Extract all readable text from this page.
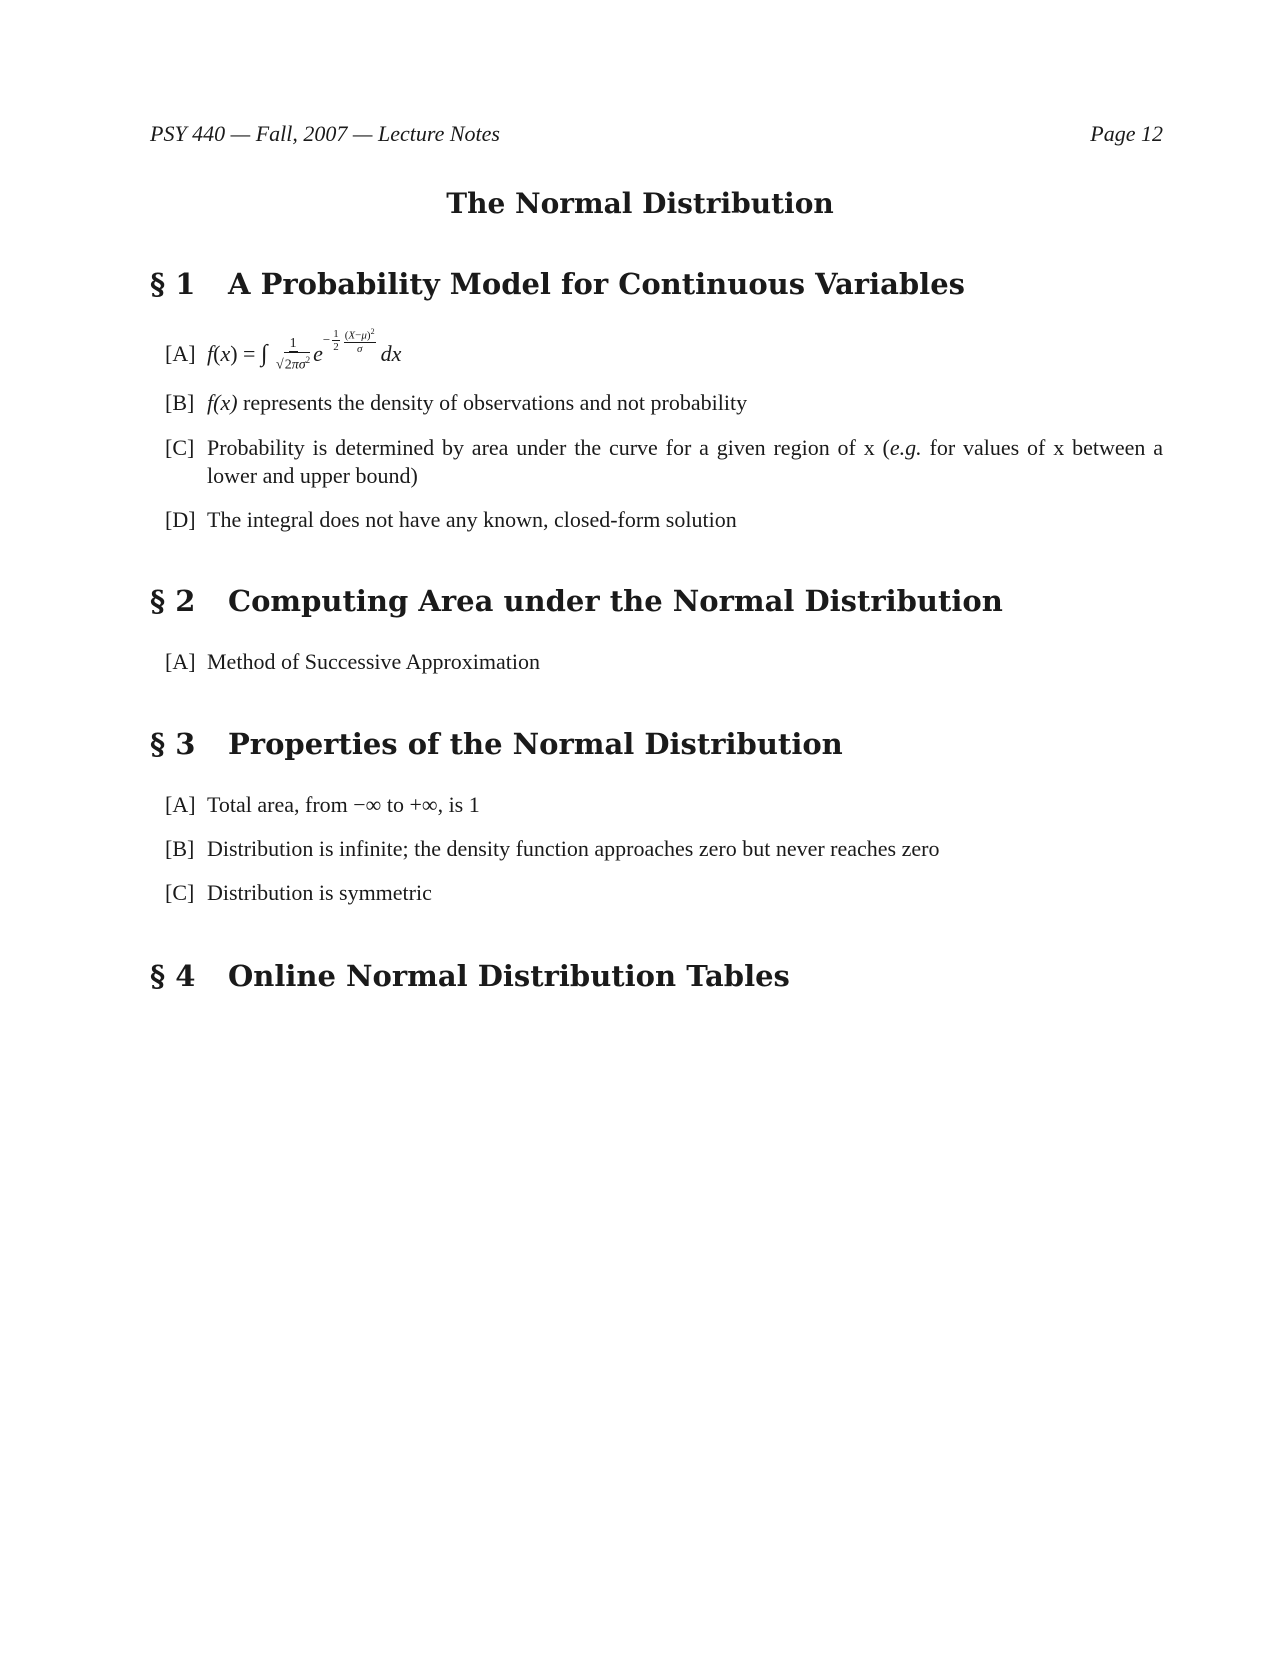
PSY 440 — Fall, 2007 — Lecture Notes	Page 12
The Normal Distribution
§ 1	A Probability Model for Continuous Variables
[A] f ( x ) = ∫
$\frac{1}{√2\pi\sigma^2}$ e
− $\frac{1}{2} \frac{(X-\mu)^2}{\sigma}$ dx
[B] f(x) represents the density of observations and not probability
[C] Probability is determined by area under the curve for a given region of x (e.g. for values of x between a lower and upper bound)
[D] The integral does not have any known, closed-form solution
§ 2	Computing Area under the Normal Distribution
[A] Method of Successive Approximation
§ 3	Properties of the Normal Distribution
[A] Total area, from −∞ to +∞, is 1
[B] Distribution is infinite; the density function approaches zero but never reaches zero
[C] Distribution is symmetric
§ 4	Online Normal Distribution Tables
